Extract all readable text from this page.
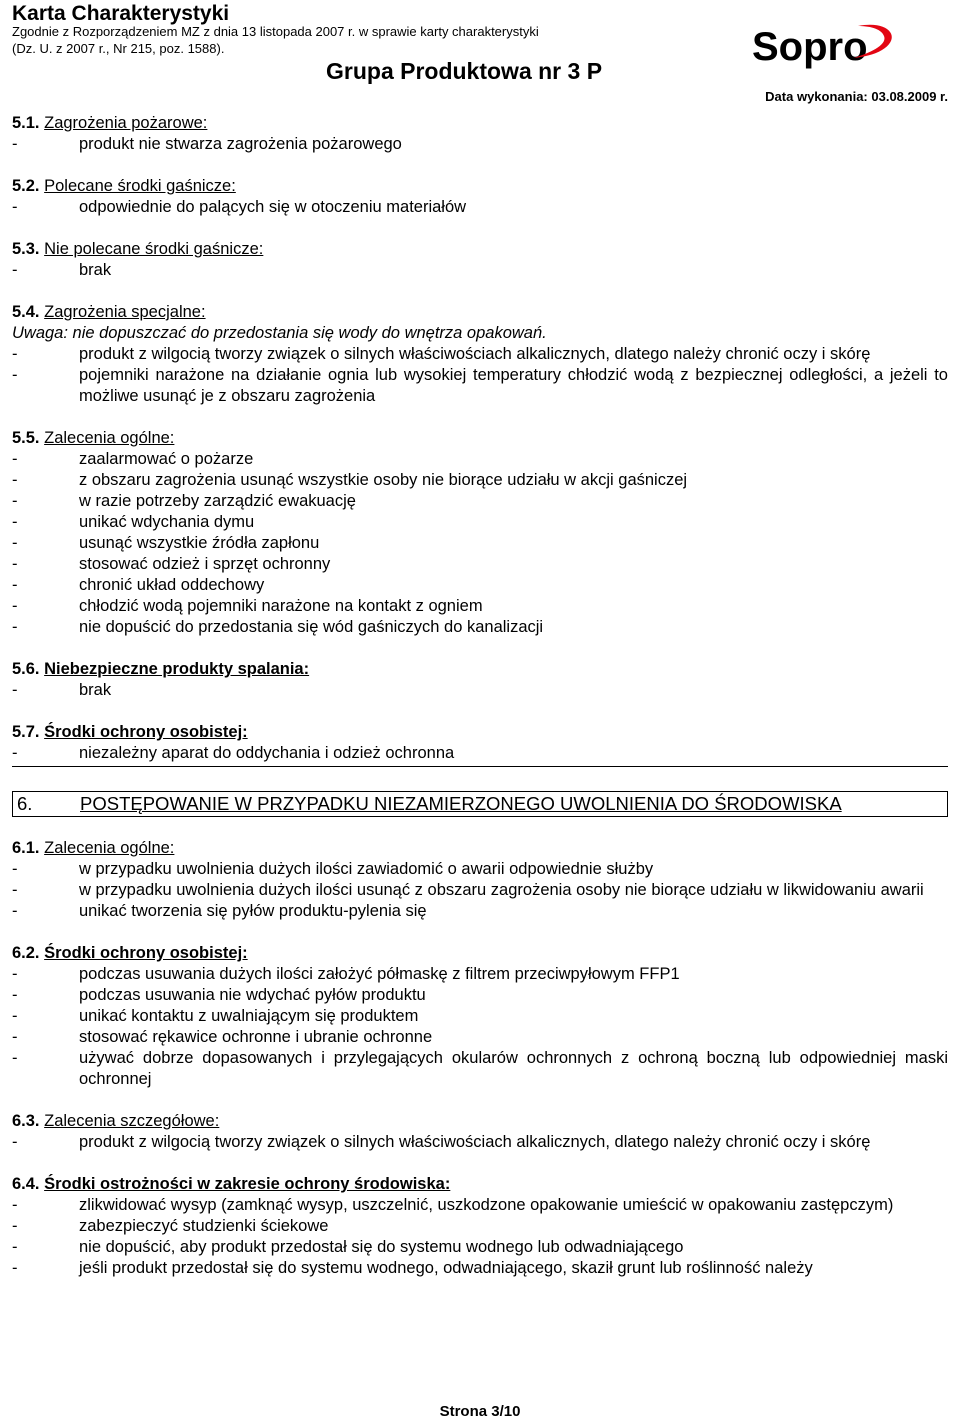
Karta Charakterystyki
Zgodnie z Rozporządzeniem MZ z dnia 13 listopada 2007 r. w sprawie karty charakterystyki
(Dz. U. z 2007 r., Nr 215, poz. 1588).
Grupa Produktowa nr 3 P
Data wykonania: 03.08.2009 r.
Sopro
5.1. Zagrożenia pożarowe:
-	produkt nie stwarza zagrożenia pożarowego
5.2. Polecane środki gaśnicze:
-	odpowiednie do palących się w otoczeniu materiałów
5.3. Nie polecane środki gaśnicze:
-	brak
5.4. Zagrożenia specjalne:
Uwaga: nie dopuszczać do przedostania się wody do wnętrza opakowań.
-	produkt z wilgocią tworzy związek o silnych właściwościach alkalicznych, dlatego należy chronić oczy i skórę
-	pojemniki narażone na działanie ognia lub wysokiej temperatury chłodzić wodą z bezpiecznej odległości, a jeżeli to możliwe usunąć je z obszaru zagrożenia
5.5. Zalecenia ogólne:
-	zaalarmować o pożarze
-	z obszaru zagrożenia usunąć wszystkie osoby nie biorące udziału w akcji gaśniczej
-	w razie potrzeby zarządzić ewakuację
-	unikać wdychania dymu
-	usunąć wszystkie źródła zapłonu
-	stosować odzież i sprzęt ochronny
-	chronić układ oddechowy
-	chłodzić wodą pojemniki narażone na kontakt z ogniem
-	nie dopuścić do przedostania się wód gaśniczych do kanalizacji
5.6. Niebezpieczne produkty spalania:
-	brak
5.7. Środki ochrony osobistej:
-	niezależny aparat do oddychania i odzież ochronna
6.	POSTĘPOWANIE W PRZYPADKU NIEZAMIERZONEGO UWOLNIENIA DO ŚRODOWISKA
6.1. Zalecenia ogólne:
-	w przypadku uwolnienia dużych ilości zawiadomić o awarii odpowiednie służby
-	w przypadku uwolnienia dużych ilości usunąć z obszaru zagrożenia osoby nie biorące udziału w likwidowaniu awarii
-	unikać tworzenia się pyłów produktu-pylenia się
6.2. Środki ochrony osobistej:
-	podczas usuwania dużych ilości założyć półmaskę z filtrem przeciwpyłowym FFP1
-	podczas usuwania nie wdychać pyłów produktu
-	unikać kontaktu z uwalniającym się produktem
-	stosować rękawice ochronne i ubranie ochronne
-	używać dobrze dopasowanych i przylegających okularów ochronnych z ochroną boczną lub odpowiedniej maski ochronnej
6.3. Zalecenia szczegółowe:
-	produkt z wilgocią tworzy związek o silnych właściwościach alkalicznych, dlatego należy chronić oczy i skórę
6.4. Środki ostrożności w zakresie ochrony środowiska:
-	zlikwidować wysyp (zamknąć wysyp, uszczelnić, uszkodzone opakowanie umieścić w opakowaniu zastępczym)
-	zabezpieczyć studzienki ściekowe
-	nie dopuścić, aby produkt przedostał się do systemu wodnego lub odwadniającego
-	jeśli produkt przedostał się do systemu wodnego, odwadniającego, skaził grunt lub roślinność należy
Strona 3/10
